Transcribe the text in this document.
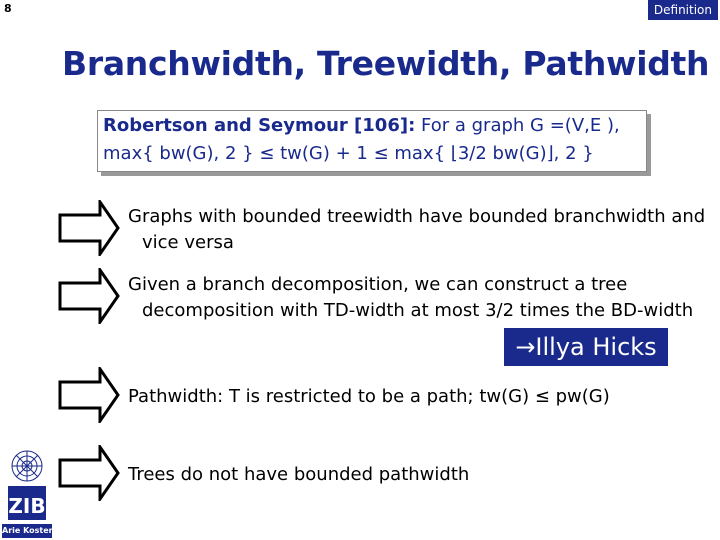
8	Definition
Branchwidth, Treewidth, Pathwidth
Robertson and Seymour [106]: For a graph G =(V,E ),
max{ bw(G), 2 } ≤ tw(G) + 1 ≤ max{ ⌊3/2 bw(G)⌋, 2 }
Graphs with bounded treewidth have bounded branchwidth and
vice versa
Given a branch decomposition, we can construct a tree
decomposition with TD-width at most 3/2 times the BD-width
→Illya Hicks
Pathwidth: T is restricted to be a path; tw(G) ≤ pw(G)
Trees do not have bounded pathwidth
ZIB
Arie Koster
